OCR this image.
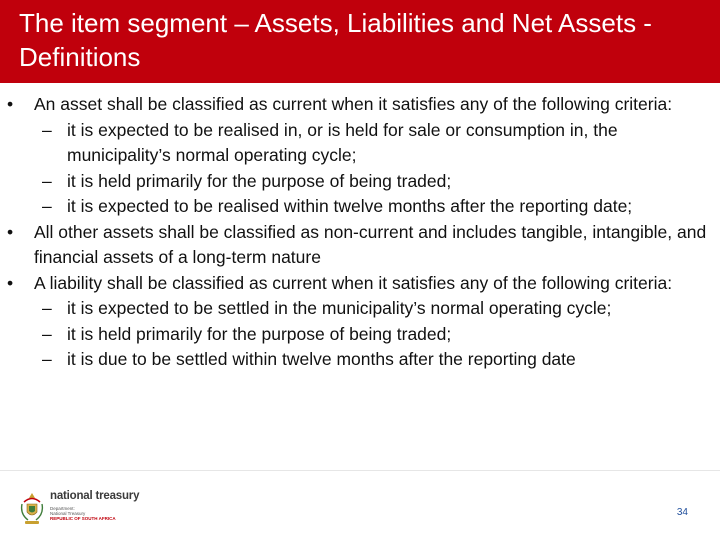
The item segment – Assets, Liabilities and Net Assets - Definitions
•	An asset shall be classified as current when it satisfies any of the following criteria:
– it is expected to be realised in, or is held for sale or consumption in, the municipality’s normal operating cycle;
– it is held primarily for the purpose of being traded;
– it is expected to be realised within twelve months after the reporting date;
•	All other assets shall be classified as non-current and includes tangible, intangible, and financial assets of a long-term nature
•	A liability shall be classified as current when it satisfies any of the following criteria:
– it is expected to be settled in the municipality’s normal operating cycle;
– it is held primarily for the purpose of being traded;
– it is due to be settled within twelve months after the reporting date
national treasury
Department:
National Treasury
REPUBLIC OF SOUTH AFRICA
34
